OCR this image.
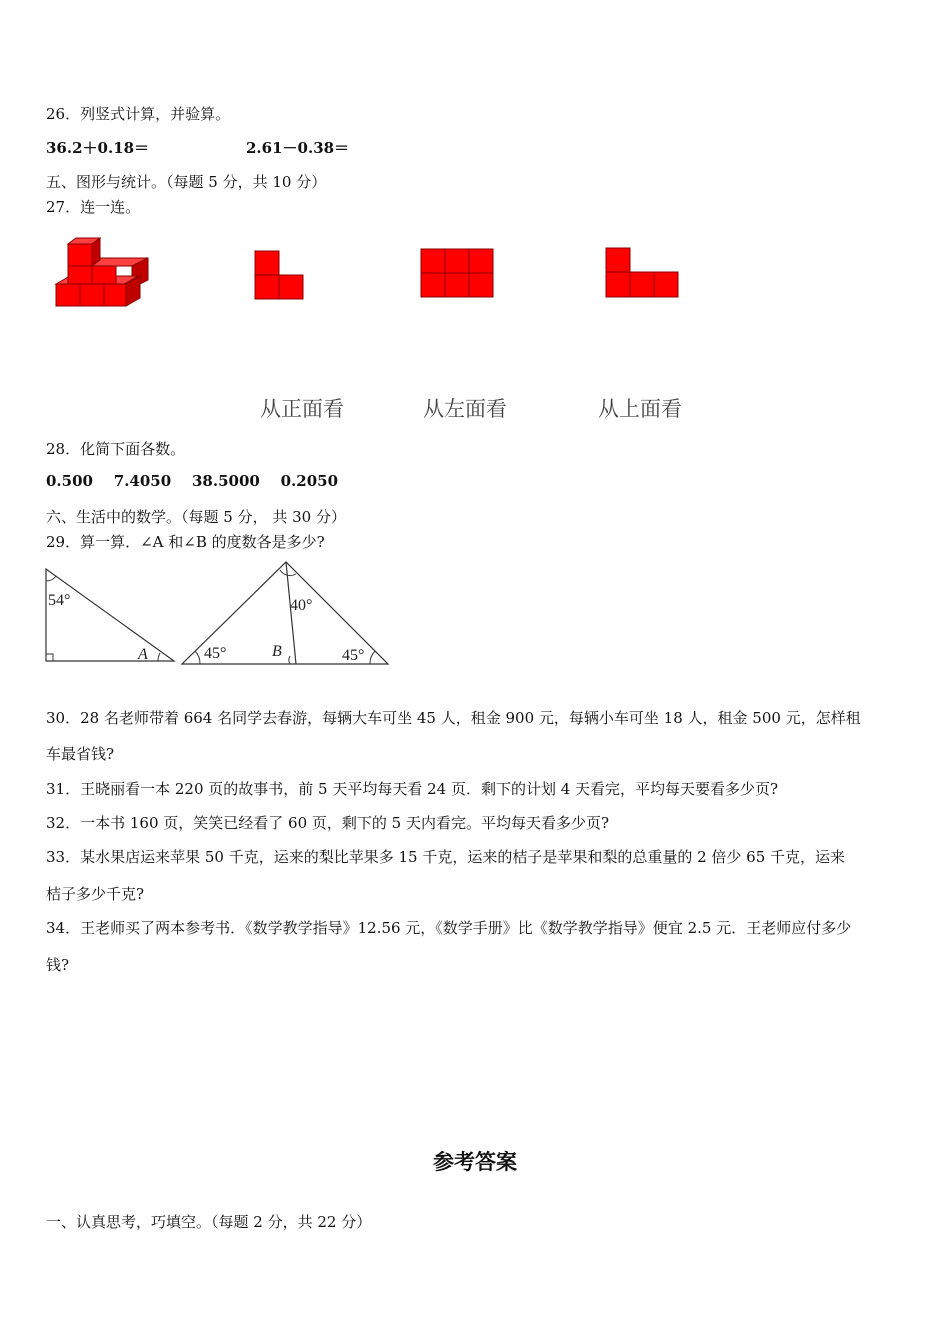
26．列竖式计算，并验算。
36.2＋0.18＝	2.61－0.38＝
五、图形与统计。（每题 5 分，共 10 分）
27．连一连。
从正面看	从左面看	从上面看
28．化简下面各数。
0.500 7.4050 38.5000 0.2050
六、生活中的数学。（每题 5 分， 共 30 分）
29．算一算．∠A 和∠B 的度数各是多少?
54°
A
40°
45°	B	45°
30．28 名老师带着 664 名同学去春游，每辆大车可坐 45 人，租金 900 元，每辆小车可坐 18 人，租金 500 元，怎样租
车最省钱?
31．王晓丽看一本 220 页的故事书，前 5 天平均每天看 24 页．剩下的计划 4 天看完，平均每天要看多少页?
32．一本书 160 页，笑笑已经看了 60 页，剩下的 5 天内看完。平均每天看多少页?
33．某水果店运来苹果 50 千克，运来的梨比苹果多 15 千克，运来的桔子是苹果和梨的总重量的 2 倍少 65 千克，运来
桔子多少千克?
34．王老师买了两本参考书．《数学教学指导》12.56 元，《数学手册》比《数学教学指导》便宜 2.5 元．王老师应付多少
钱?
参考答案
一、认真思考，巧填空。（每题 2 分，共 22 分）
